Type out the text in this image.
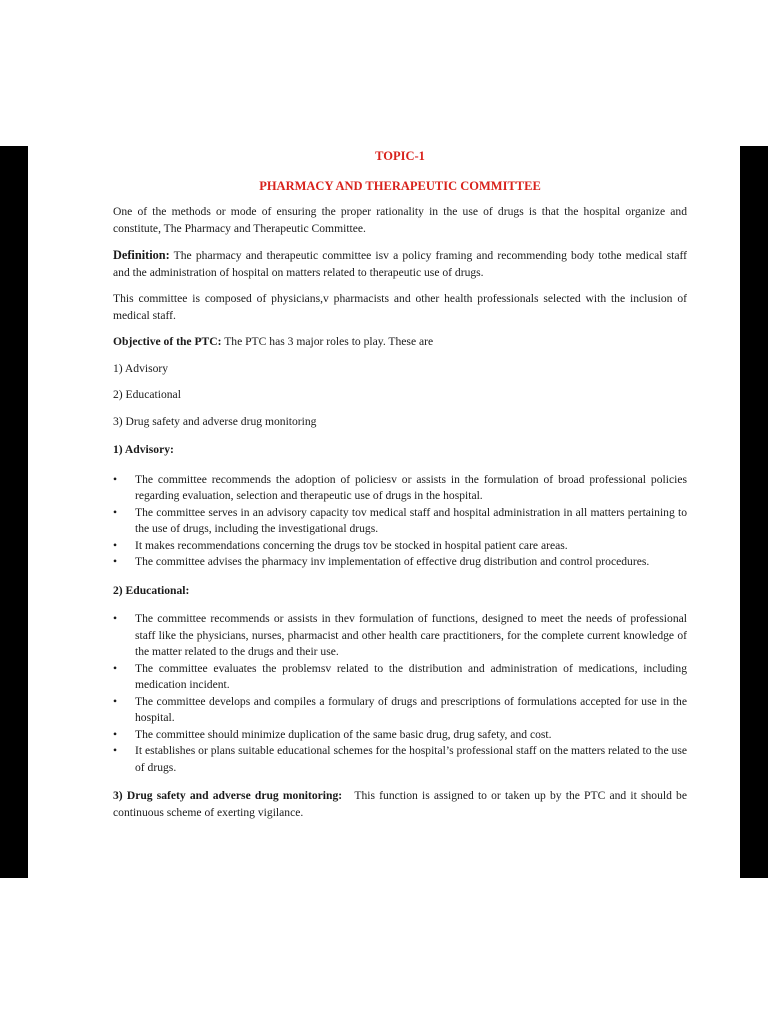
TOPIC-1

PHARMACY AND THERAPEUTIC COMMITTEE

One of the methods or mode of ensuring the proper rationality in the use of drugs is that the hospital organize and constitute, The Pharmacy and Therapeutic Committee.

Definition: The pharmacy and therapeutic committee isv a policy framing and recommending body tothe medical staff and the administration of hospital on matters related to therapeutic use of drugs.

This committee is composed of physicians,v pharmacists and other health professionals selected with the inclusion of medical staff.

Objective of the PTC: The PTC has 3 major roles to play. These are

1) Advisory

2) Educational

3) Drug safety and adverse drug monitoring

1) Advisory:

• The committee recommends the adoption of policiesv or assists in the formulation of broad professional policies regarding evaluation, selection and therapeutic use of drugs in the hospital.
• The committee serves in an advisory capacity tov medical staff and hospital administration in all matters pertaining to the use of drugs, including the investigational drugs.
• It makes recommendations concerning the drugs tov be stocked in hospital patient care areas.
• The committee advises the pharmacy inv implementation of effective drug distribution and control procedures.

2) Educational:

• The committee recommends or assists in thev formulation of functions, designed to meet the needs of professional staff like the physicians, nurses, pharmacist and other health care practitioners, for the complete current knowledge of the matter related to the drugs and their use.
• The committee evaluates the problemsv related to the distribution and administration of medications, including medication incident.
• The committee develops and compiles a formulary of drugs and prescriptions of formulations accepted for use in the hospital.
• The committee should minimize duplication of the same basic drug, drug safety, and cost.
• It establishes or plans suitable educational schemes for the hospital’s professional staff on the matters related to the use of drugs.

3) Drug safety and adverse drug monitoring:   This function is assigned to or taken up by the PTC and it should be continuous scheme of exerting vigilance.
